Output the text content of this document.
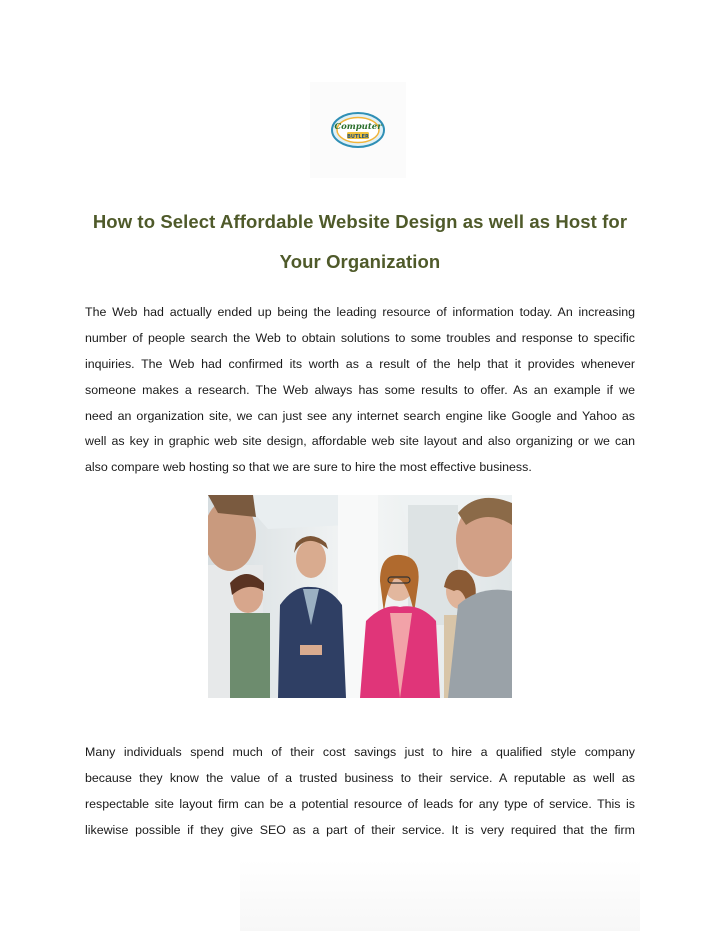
Computer
BUTLER
How to Select Affordable Website Design as well as Host for
Your Organization
The Web had actually ended up being the leading resource of information today. An increasing
number of people search the Web to obtain solutions to some troubles and response to specific
inquiries. The Web had confirmed its worth as a result of the help that it provides whenever
someone makes a research. The Web always has some results to offer. As an example if we
need an organization site, we can just see any internet search engine like Google and Yahoo as
well as key in graphic web site design, affordable web site layout and also organizing or we can
also compare web hosting so that we are sure to hire the most effective business.
Many individuals spend much of their cost savings just to hire a qualified style company
because they know the value of a trusted business to their service. A reputable as well as
respectable site layout firm can be a potential resource of leads for any type of service. This is
likewise possible if they give SEO as a part of their service. It is very required that the firm
